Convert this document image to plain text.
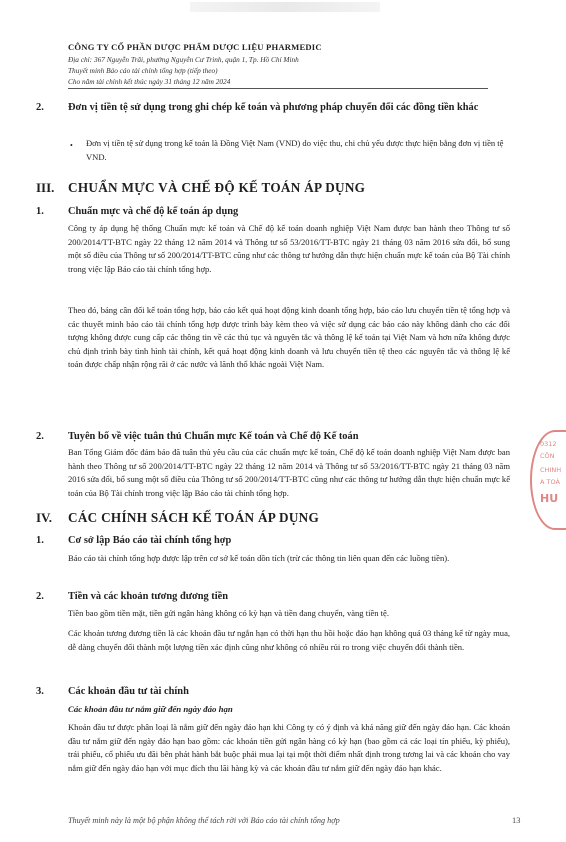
CÔNG TY CỔ PHẦN DƯỢC PHẨM DƯỢC LIỆU PHARMEDIC
Địa chỉ: 367 Nguyễn Trãi, phường Nguyễn Cư Trinh, quận 1, Tp. Hồ Chí Minh
Thuyết minh Báo cáo tài chính tổng hợp (tiếp theo)
Cho năm tài chính kết thúc ngày 31 tháng 12 năm 2024
2. Đơn vị tiền tệ sử dụng trong ghi chép kế toán và phương pháp chuyển đổi các đồng tiền khác
• Đơn vị tiền tệ sử dụng trong kế toán là Đồng Việt Nam (VND) do việc thu, chi chủ yếu được thực hiện bằng đơn vị tiền tệ VND.
III. CHUẨN MỰC VÀ CHẾ ĐỘ KẾ TOÁN ÁP DỤNG
1. Chuẩn mực và chế độ kế toán áp dụng
Công ty áp dụng hệ thống Chuẩn mực kế toán và Chế độ kế toán doanh nghiệp Việt Nam được ban hành theo Thông tư số 200/2014/TT-BTC ngày 22 tháng 12 năm 2014 và Thông tư số 53/2016/TT-BTC ngày 21 tháng 03 năm 2016 sửa đổi, bổ sung một số điều của Thông tư số 200/2014/TT-BTC cũng như các thông tư hướng dẫn thực hiện chuẩn mực kế toán của Bộ Tài chính trong việc lập Báo cáo tài chính tổng hợp.
Theo đó, bảng cân đối kế toán tổng hợp, báo cáo kết quả hoạt động kinh doanh tổng hợp, báo cáo lưu chuyển tiền tệ tổng hợp và các thuyết minh báo cáo tài chính tổng hợp được trình bày kèm theo và việc sử dụng các báo cáo này không dành cho các đối tượng không được cung cấp các thông tin về các thủ tục và nguyên tắc và thông lệ kế toán tại Việt Nam và hơn nữa không được chủ định trình bày tình hình tài chính, kết quả hoạt động kinh doanh và lưu chuyển tiền tệ theo các nguyên tắc và thông lệ kế toán được chấp nhận rộng rãi ở các nước và lãnh thổ khác ngoài Việt Nam.
2. Tuyên bố về việc tuân thủ Chuẩn mực Kế toán và Chế độ Kế toán
Ban Tổng Giám đốc đảm bảo đã tuân thủ yêu cầu của các chuẩn mực kế toán, Chế độ kế toán doanh nghiệp Việt Nam được ban hành theo Thông tư số 200/2014/TT-BTC ngày 22 tháng 12 năm 2014 và Thông tư số 53/2016/TT-BTC ngày 21 tháng 03 năm 2016 sửa đổi, bổ sung một số điều của Thông tư số 200/2014/TT-BTC cũng như các thông tư hướng dẫn thực hiện chuẩn mực kế toán của Bộ Tài chính trong việc lập Báo cáo tài chính tổng hợp.
IV. CÁC CHÍNH SÁCH KẾ TOÁN ÁP DỤNG
1. Cơ sở lập Báo cáo tài chính tổng hợp
Báo cáo tài chính tổng hợp được lập trên cơ sở kế toán dồn tích (trừ các thông tin liên quan đến các luồng tiền).
2. Tiền và các khoản tương đương tiền
Tiền bao gồm tiền mặt, tiền gửi ngân hàng không có kỳ hạn và tiền đang chuyển, vàng tiền tệ.
Các khoản tương đương tiền là các khoản đầu tư ngắn hạn có thời hạn thu hồi hoặc đáo hạn không quá 03 tháng kể từ ngày mua, dễ dàng chuyển đổi thành một lượng tiền xác định cũng như không có nhiều rủi ro trong việc chuyển đổi thành tiền.
3. Các khoản đầu tư tài chính
Các khoản đầu tư nắm giữ đến ngày đáo hạn
Khoản đầu tư được phân loại là nắm giữ đến ngày đáo hạn khi Công ty có ý định và khả năng giữ đến ngày đáo hạn. Các khoản đầu tư nắm giữ đến ngày đáo hạn bao gồm: các khoản tiền gửi ngân hàng có kỳ hạn (bao gồm cả các loại tín phiếu, kỳ phiếu), trái phiếu, cổ phiếu ưu đãi bên phát hành bắt buộc phải mua lại tại một thời điểm nhất định trong tương lai và các khoản cho vay nắm giữ đến ngày đáo hạn với mục đích thu lãi hàng kỳ và các khoản đầu tư nắm giữ đến ngày đáo hạn khác.
Thuyết minh này là một bộ phận không thể tách rời với Báo cáo tài chính tổng hợp	13
0312
CÔN
CHINH
A TOÀ
HU
